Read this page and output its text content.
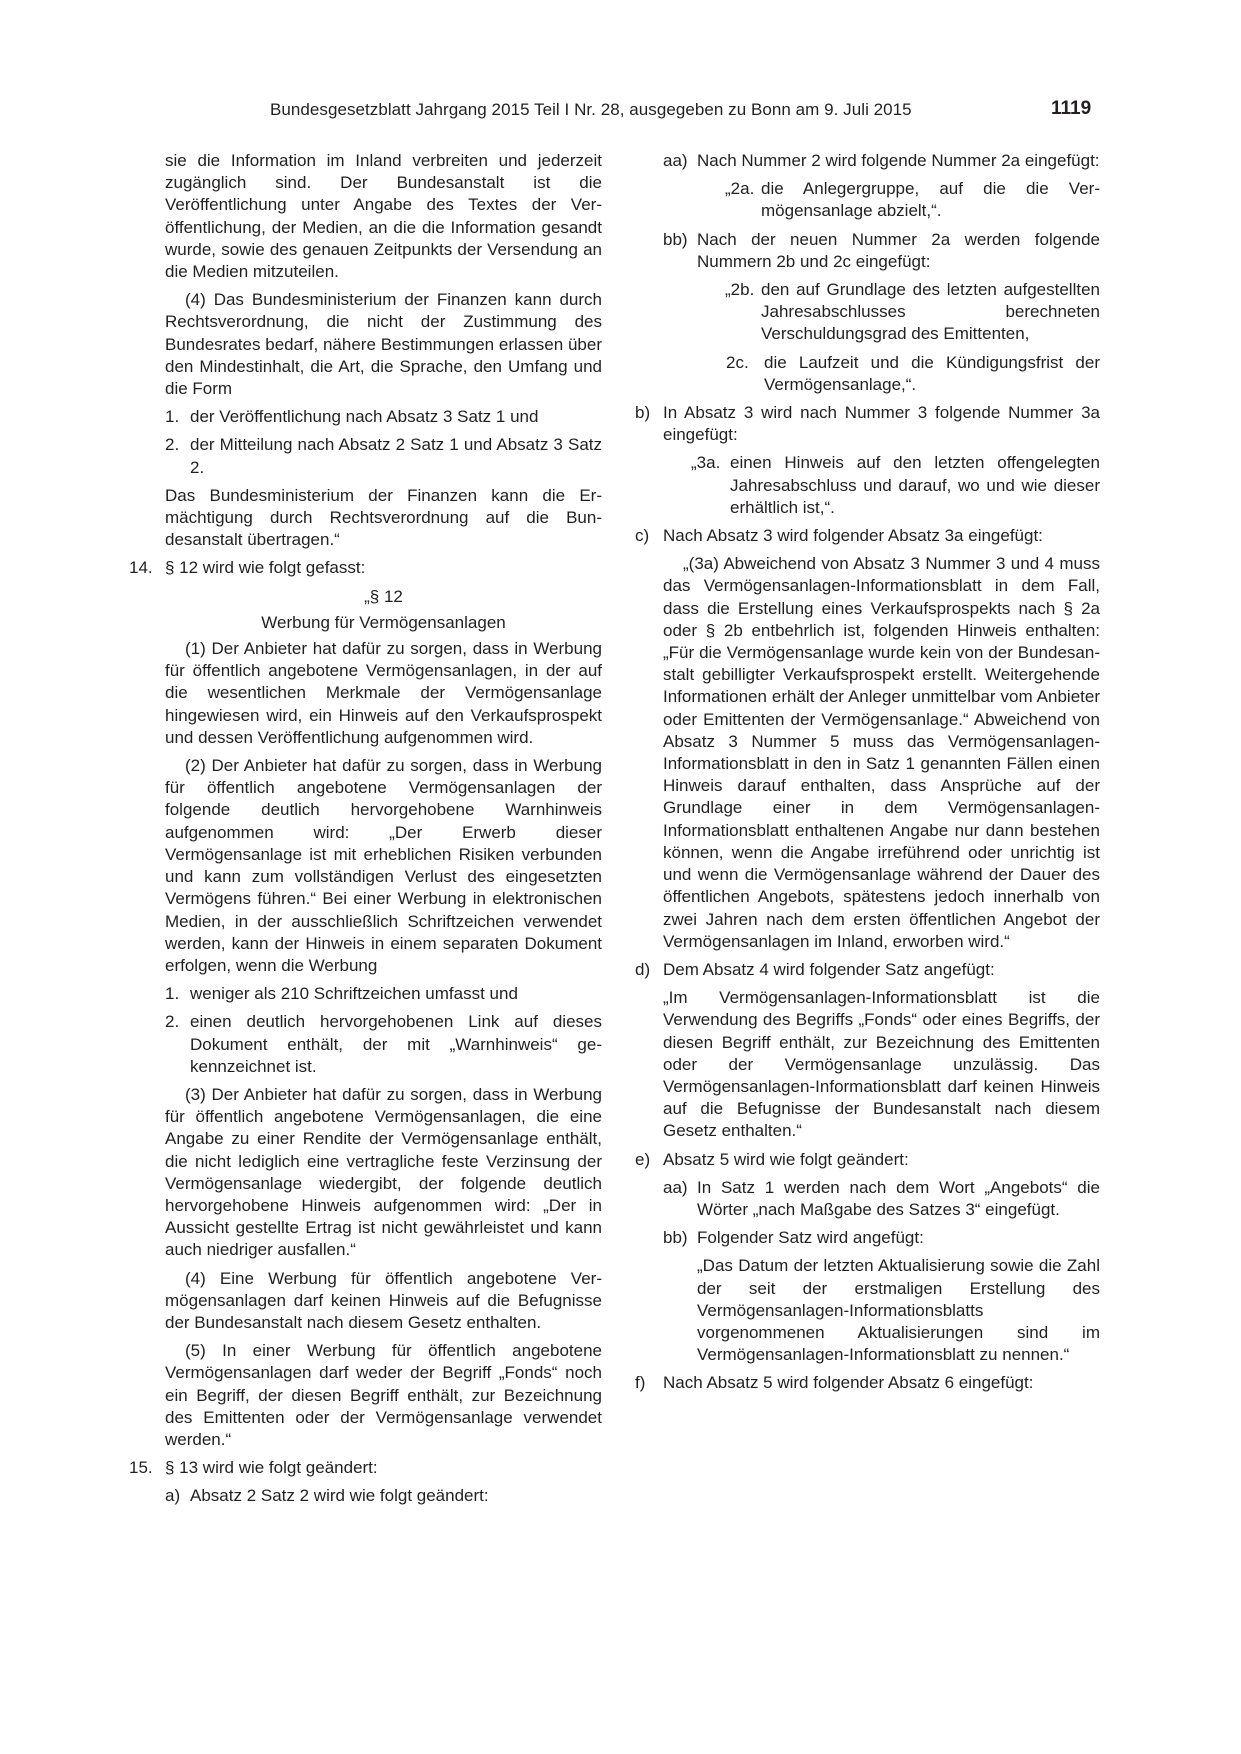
Bundesgesetzblatt Jahrgang 2015 Teil I Nr. 28, ausgegeben zu Bonn am 9. Juli 2015	1119

sie die Information im Inland verbreiten und jederzeit zugänglich sind. Der Bundesanstalt ist die Veröffentlichung unter Angabe des Textes der Veröffentlichung, der Medien, an die die Information gesandt wurde, sowie des genauen Zeitpunkts der Versendung an die Medien mitzuteilen.

(4) Das Bundesministerium der Finanzen kann durch Rechtsverordnung, die nicht der Zustimmung des Bundesrates bedarf, nähere Bestimmungen erlassen über den Mindestinhalt, die Art, die Sprache, den Umfang und die Form

1. der Veröffentlichung nach Absatz 3 Satz 1 und
2. der Mitteilung nach Absatz 2 Satz 1 und Absatz 3 Satz 2.

Das Bundesministerium der Finanzen kann die Ermächtigung durch Rechtsverordnung auf die Bundesanstalt übertragen.“

14. § 12 wird wie folgt gefasst:

„§ 12

Werbung für Vermögensanlagen

(1) Der Anbieter hat dafür zu sorgen, dass in Werbung für öffentlich angebotene Vermögensanlagen, in der auf die wesentlichen Merkmale der Vermögensanlage hingewiesen wird, ein Hinweis auf den Verkaufsprospekt und dessen Veröffentlichung aufgenommen wird.

(2) Der Anbieter hat dafür zu sorgen, dass in Werbung für öffentlich angebotene Vermögensanlagen der folgende deutlich hervorgehobene Warnhinweis aufgenommen wird: „Der Erwerb dieser Vermögensanlage ist mit erheblichen Risiken verbunden und kann zum vollständigen Verlust des eingesetzten Vermögens führen.“ Bei einer Werbung in elektronischen Medien, in der ausschließlich Schriftzeichen verwendet werden, kann der Hinweis in einem separaten Dokument erfolgen, wenn die Werbung

1. weniger als 210 Schriftzeichen umfasst und
2. einen deutlich hervorgehobenen Link auf dieses Dokument enthält, der mit „Warnhinweis“ gekennzeichnet ist.

(3) Der Anbieter hat dafür zu sorgen, dass in Werbung für öffentlich angebotene Vermögensanlagen, die eine Angabe zu einer Rendite der Vermögensanlage enthält, die nicht lediglich eine vertragliche feste Verzinsung der Vermögensanlage wiedergibt, der folgende deutlich hervorgehobene Hinweis aufgenommen wird: „Der in Aussicht gestellte Ertrag ist nicht gewährleistet und kann auch niedriger ausfallen.“

(4) Eine Werbung für öffentlich angebotene Vermögensanlagen darf keinen Hinweis auf die Befugnisse der Bundesanstalt nach diesem Gesetz enthalten.

(5) In einer Werbung für öffentlich angebotene Vermögensanlagen darf weder der Begriff „Fonds“ noch ein Begriff, der diesen Begriff enthält, zur Bezeichnung des Emittenten oder der Vermögensanlage verwendet werden.“

15. § 13 wird wie folgt geändert:
a) Absatz 2 Satz 2 wird wie folgt geändert:
aa) Nach Nummer 2 wird folgende Nummer 2a eingefügt:
„2a. die Anlegergruppe, auf die die Vermögensanlage abzielt,“.
bb) Nach der neuen Nummer 2a werden folgende Nummern 2b und 2c eingefügt:
„2b. den auf Grundlage des letzten aufgestellten Jahresabschlusses berechneten Verschuldungsgrad des Emittenten,
2c. die Laufzeit und die Kündigungsfrist der Vermögensanlage,“.
b) In Absatz 3 wird nach Nummer 3 folgende Nummer 3a eingefügt:
„3a. einen Hinweis auf den letzten offengelegten Jahresabschluss und darauf, wo und wie dieser erhältlich ist,“.
c) Nach Absatz 3 wird folgender Absatz 3a eingefügt:

„(3a) Abweichend von Absatz 3 Nummer 3 und 4 muss das Vermögensanlagen-Informationsblatt in dem Fall, dass die Erstellung eines Verkaufsprospekts nach § 2a oder § 2b entbehrlich ist, folgenden Hinweis enthalten: „Für die Vermögensanlage wurde kein von der Bundesanstalt gebilligter Verkaufsprospekt erstellt. Weitergehende Informationen erhält der Anleger unmittelbar vom Anbieter oder Emittenten der Vermögensanlage.“ Abweichend von Absatz 3 Nummer 5 muss das Vermögensanlagen-Informationsblatt in den in Satz 1 genannten Fällen einen Hinweis darauf enthalten, dass Ansprüche auf der Grundlage einer in dem Vermögensanlagen-Informationsblatt enthaltenen Angabe nur dann bestehen können, wenn die Angabe irreführend oder unrichtig ist und wenn die Vermögensanlage während der Dauer des öffentlichen Angebots, spätestens jedoch innerhalb von zwei Jahren nach dem ersten öffentlichen Angebot der Vermögensanlagen im Inland, erworben wird.“

d) Dem Absatz 4 wird folgender Satz angefügt:

„Im Vermögensanlagen-Informationsblatt ist die Verwendung des Begriffs „Fonds“ oder eines Begriffs, der diesen Begriff enthält, zur Bezeichnung des Emittenten oder der Vermögensanlage unzulässig. Das Vermögensanlagen-Informationsblatt darf keinen Hinweis auf die Befugnisse der Bundesanstalt nach diesem Gesetz enthalten.“

e) Absatz 5 wird wie folgt geändert:
aa) In Satz 1 werden nach dem Wort „Angebots“ die Wörter „nach Maßgabe des Satzes 3“ eingefügt.
bb) Folgender Satz wird angefügt:

„Das Datum der letzten Aktualisierung sowie die Zahl der seit der erstmaligen Erstellung des Vermögensanlagen-Informationsblatts vorgenommenen Aktualisierungen sind im Vermögensanlagen-Informationsblatt zu nennen.“

f)	Nach Absatz 5 wird folgender Absatz 6 eingefügt:
